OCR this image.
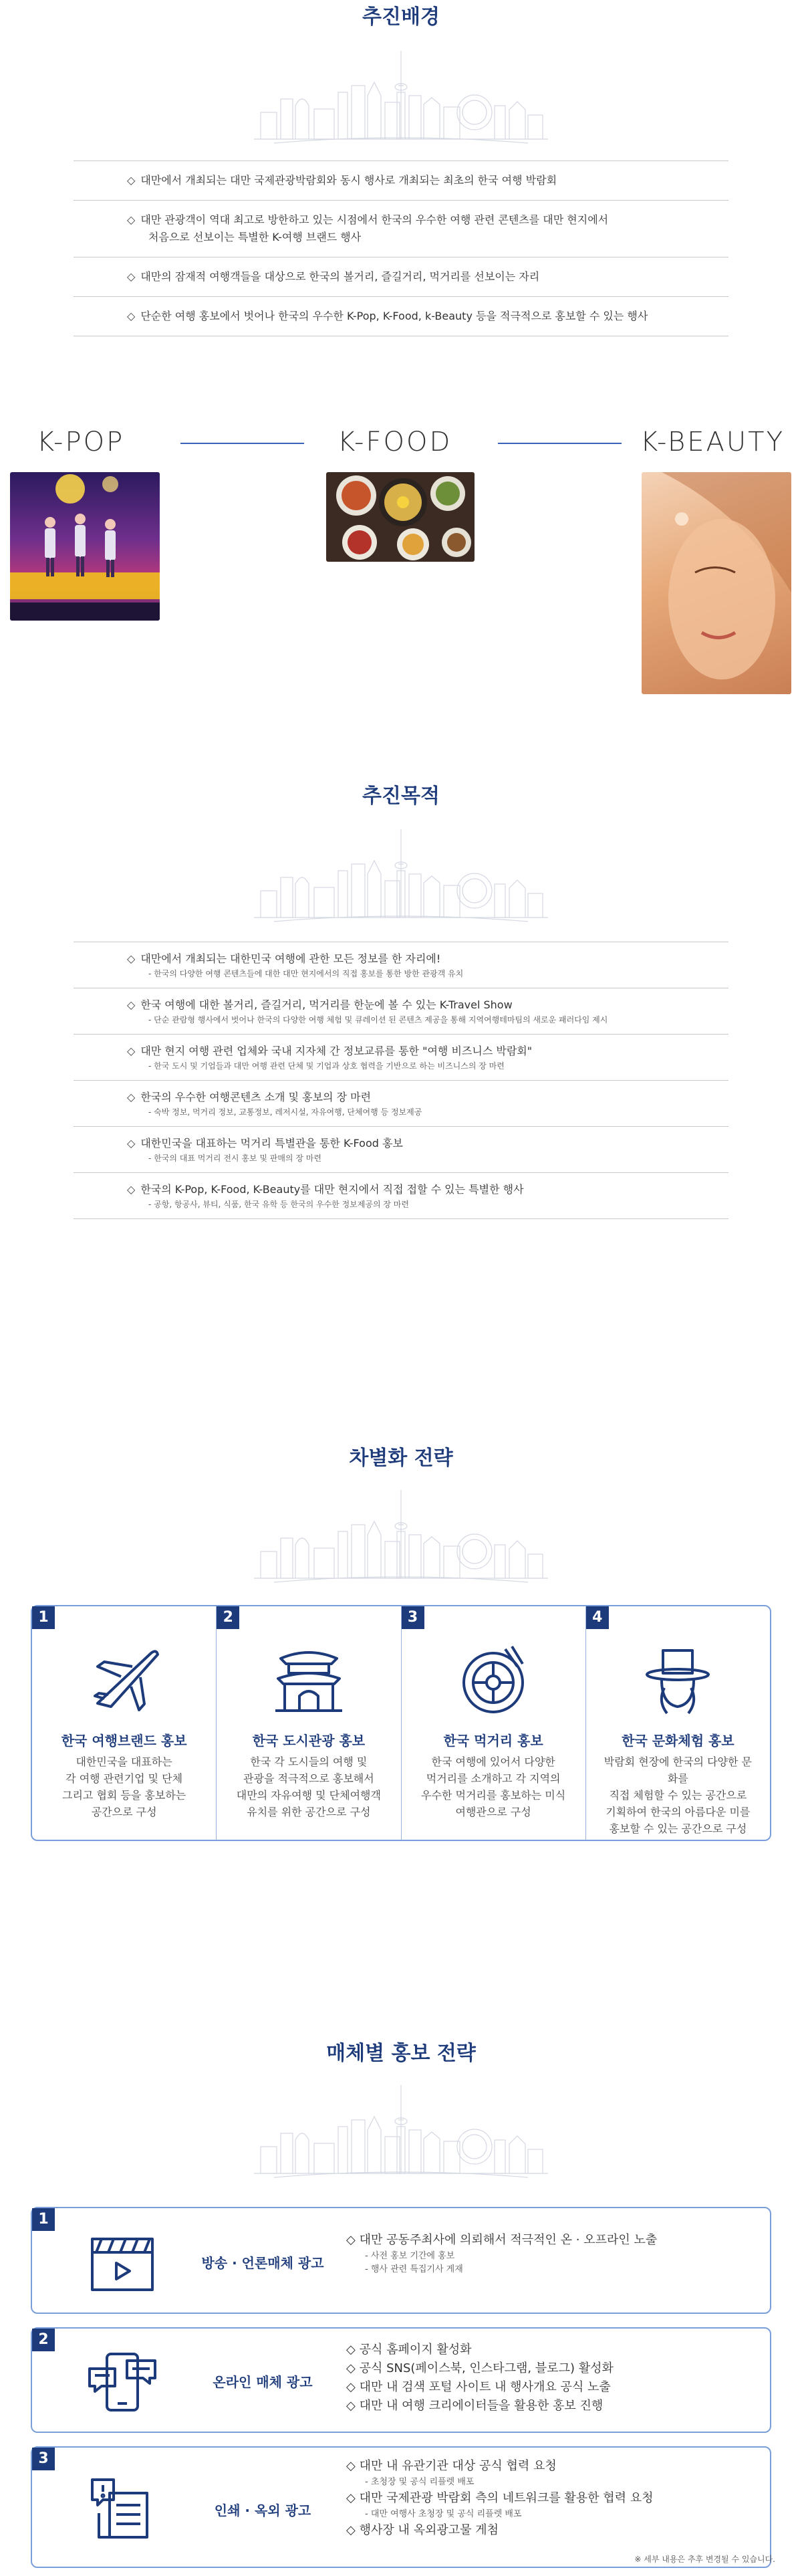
추진배경
◇ 대만에서 개최되는 대만 국제관광박람회와 동시 행사로 개최되는 최초의 한국 여행 박람회
◇ 대만 관광객이 역대 최고로 방한하고 있는 시점에서 한국의 우수한 여행 관련 콘텐츠를 대만 현지에서
처음으로 선보이는 특별한 K-여행 브랜드 행사
◇ 대만의 잠재적 여행객들을 대상으로 한국의 볼거리, 즐길거리, 먹거리를 선보이는 자리
◇ 단순한 여행 홍보에서 벗어나 한국의 우수한 K-Pop, K-Food, k-Beauty 등을 적극적으로 홍보할 수 있는 행사
K-POP	K-FOOD	K-BEAUTY
추진목적
◇ 대만에서 개최되는 대한민국 여행에 관한 모든 정보를 한 자리에!
- 한국의 다양한 여행 콘텐츠들에 대한 대만 현지에서의 직접 홍보를 통한 방한 관광객 유치
◇ 한국 여행에 대한 볼거리, 즐길거리, 먹거리를 한눈에 볼 수 있는 K-Travel Show
- 단순 관람형 행사에서 벗어나 한국의 다양한 여행 체험 및 큐레이션 된 콘텐츠 제공을 통해 지역여행테마팀의 새로운 패러다임 제시
◇ 대만 현지 여행 관련 업체와 국내 지자체 간 정보교류를 통한 "여행 비즈니스 박람회"
- 한국 도시 및 기업들과 대만 여행 관련 단체 및 기업과 상호 협력을 기반으로 하는 비즈니스의 장 마련
◇ 한국의 우수한 여행콘텐츠 소개 및 홍보의 장 마련
- 숙박 정보, 먹거리 정보, 교통정보, 레저시설, 자유여행, 단체여행 등 정보제공
◇ 대한민국을 대표하는 먹거리 특별관을 통한 K-Food 홍보
- 한국의 대표 먹거리 전시 홍보 및 판매의 장 마련
◇ 한국의 K-Pop, K-Food, K-Beauty를 대만 현지에서 직접 접할 수 있는 특별한 행사
- 공항, 항공사, 뷰티, 식품, 한국 유학 등 한국의 우수한 정보제공의 장 마련
차별화 전략
1
한국 여행브랜드 홍보

대한민국을 대표하는
각 여행 관련기업 및 단체
그리고 협회 등을 홍보하는
공간으로 구성

2
한국 도시관광 홍보

한국 각 도시들의 여행 및
관광을 적극적으로 홍보해서
대만의 자유여행 및 단체여행객
유치를 위한 공간으로 구성

3
한국 먹거리 홍보

한국 여행에 있어서 다양한
먹거리를 소개하고 각 지역의
우수한 먹거리를 홍보하는 미식
여행관으로 구성

4
한국 문화체험 홍보

박람회 현장에 한국의 다양한 문화를
직접 체험할 수 있는 공간으로
기획하여 한국의 아름다운 미를
홍보할 수 있는 공간으로 구성

매체별 홍보 전략
1
방송 · 언론매체 광고
◇ 대만 공동주최사에 의뢰해서 적극적인 온 · 오프라인 노출
- 사전 홍보 기간에 홍보
- 행사 관련 특집기사 게재
2
온라인 매체 광고
◇ 공식 홈페이지 활성화
◇ 공식 SNS(페이스북, 인스타그램, 블로그) 활성화
◇ 대만 내 검색 포털 사이트 내 행사개요 공식 노출
◇ 대만 내 여행 크리에이터들을 활용한 홍보 진행
3
인쇄 · 옥외 광고
◇ 대만 내 유관기관 대상 공식 협력 요청
- 초청장 및 공식 리플렛 배포
◇ 대만 국제관광 박람회 측의 네트워크를 활용한 협력 요청
- 대만 여행사 초청장 및 공식 리플렛 배포
◇ 행사장 내 옥외광고물 게첨
※ 세부 내용은 추후 변경될 수 있습니다.
